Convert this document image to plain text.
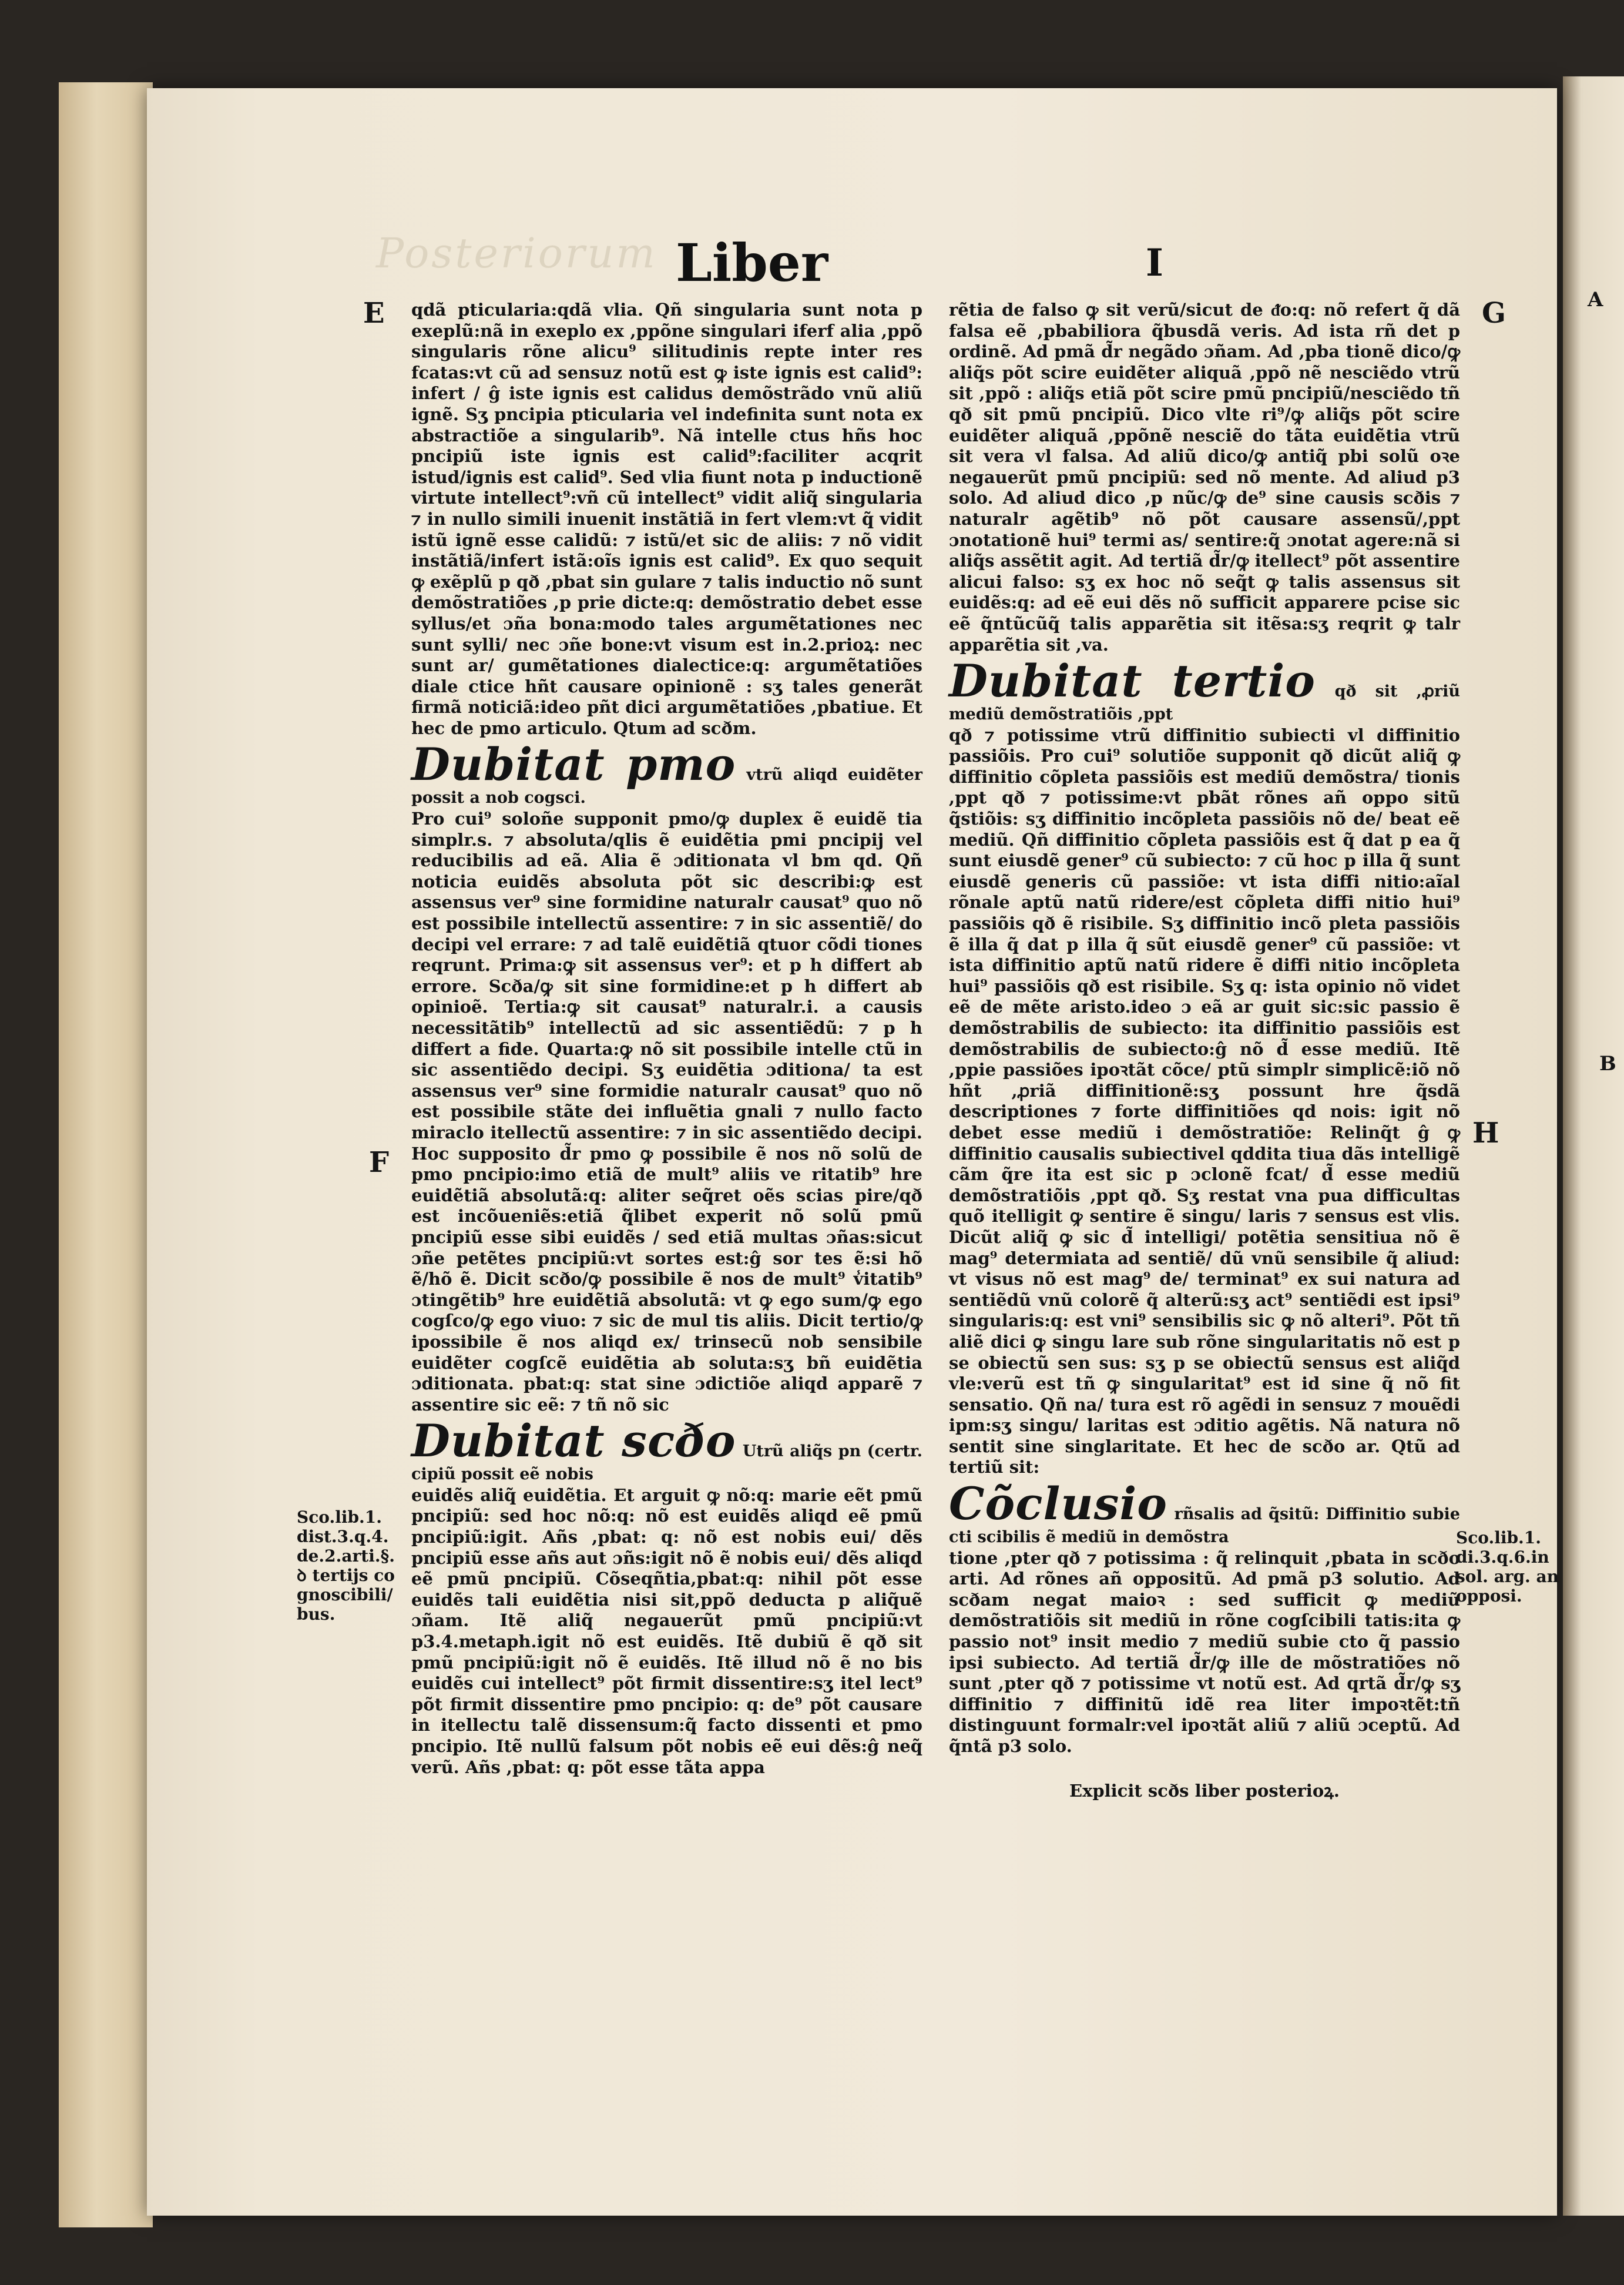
Posteriorum Liber	I
E	G	A
F
H
B
Sco.lib.1.
dist.3.q.4.
de.2.arti.§.
ꝺ tertijs co
gnoscibili/
bus.
Sco.lib.1.
di.3.q.6.in
sol. arg. an
opposi.

qdã pticularia:qdã vlia. Qñ singularia sunt nota p exeplũ:nã in exeplo ex ,ppõne singulari iferf alia ,ppõ singularis rõne alicu⁹ silitudinis repte inter res fcatas:vt cũ ad sensuz notũ est ꝙ iste ignis est calid⁹: infert / ĝ iste ignis est calidus demõstrãdo vnũ aliũ ignẽ. Sʒ pncipia pticularia vel indefinita sunt nota ex abstractiõe a singularib⁹. Nã intelle ctus hñs hoc pncipiũ iste ignis est calid⁹:faciliter acqrit istud/ignis est calid⁹. Sed vlia fiunt nota p inductionẽ virtute intellect⁹:vñ cũ intellect⁹ vidit aliq̃ singularia ⁊ in nullo simili inuenit instãtiã in fert vlem:vt q̃ vidit istũ ignẽ esse calidũ: ⁊ istũ/et sic de aliis: ⁊ nõ vidit instãtiã/infert istã:oĩs ignis est calid⁹. Ex quo sequit ꝙ exẽplũ p qð ,pbat sin gulare ⁊ talis inductio nõ sunt demõstratiões ,p prie dicte:q: demõstratio debet esse syllus/et ɔña bona:modo tales argumẽtationes nec sunt sylli/ nec ɔñe bone:vt visum est in.2.prioꝝ: nec sunt ar/ gumẽtationes dialectice:q: argumẽtatiões diale ctice hñt causare opinionẽ : sʒ tales generãt firmã noticiã:ideo pñt dici argumẽtatiões ,pbatiue. Et hec de pmo articulo. Qtum ad scðm.

Dubitat pmo vtrũ aliqd euidẽter possit a nob cogsci.

Pro cui⁹ soloñe supponit pmo/ꝙ duplex ẽ euidẽ tia simplr.s. ⁊ absoluta/qlis ẽ euidẽtia pmi pncipij vel reducibilis ad eã. Alia ẽ ɔditionata vl bm qd. Qñ noticia euidẽs absoluta põt sic describi:ꝙ est assensus ver⁹ sine formidine naturalr causat⁹ quo nõ est possibile intellectũ assentire: ⁊ in sic assentiẽ/ do decipi vel errare: ⁊ ad talẽ euidẽtiã qtuor cõdi tiones reqrunt. Prima:ꝙ sit assensus ver⁹: et p h differt ab errore. Scða/ꝙ sit sine formidine:et p h differt ab opinioẽ. Tertia:ꝙ sit causat⁹ naturalr.i. a causis necessitãtib⁹ intellectũ ad sic assentiẽdũ: ⁊ p h differt a fide. Quarta:ꝙ nõ sit possibile intelle ctũ in sic assentiẽdo decipi. Sʒ euidẽtia ɔditiona/ ta est assensus ver⁹ sine formidie naturalr causat⁹ quo nõ est possibile stãte dei influẽtia gnali ⁊ nullo facto miraclo itellectũ assentire: ⁊ in sic assentiẽdo decipi. Hoc supposito d̃r pmo ꝙ possibile ẽ nos nõ solũ de pmo pncipio:imo etiã de mult⁹ aliis ve ritatib⁹ hre euidẽtiã absolutã:q: aliter seq̃ret oẽs scias pire/qð est incõueniẽs:etiã q̃libet experit nõ solũ pmũ pncipiũ esse sibi euidẽs / sed etiã multas ɔñas:sicut ɔñe petẽtes pncipiũ:vt sortes est:ĝ sor tes ẽ:si hõ ẽ/hõ ẽ. Dicit scðo/ꝙ possibile ẽ nos de mult⁹ v̾itatib⁹ ɔtingẽtib⁹ hre euidẽtiã absolutã: vt ꝙ ego sum/ꝙ ego cogſco/ꝙ ego viuo: ⁊ sic de mul tis aliis. Dicit tertio/ꝙ ipossibile ẽ nos aliqd ex/ trinsecũ nob sensibile euidẽter cogſcẽ euidẽtia ab soluta:sʒ bñ euidẽtia ɔditionata. pbat:q: stat sine ɔdictiõe aliqd apparẽ ⁊ assentire sic eẽ: ⁊ tñ nõ sic

Dubitat scðo Utrũ aliq̃s pn (certr. cipiũ possit eẽ nobis

euidẽs aliq̃ euidẽtia. Et arguit ꝙ nõ:q: marie eẽt pmũ pncipiũ: sed hoc nõ:q: nõ est euidẽs aliqd eẽ pmũ pncipiũ:igit. Añs ,pbat: q: nõ est nobis eui/ dẽs pncipiũ esse añs aut ɔñs:igit nõ ẽ nobis eui/ dẽs aliqd eẽ pmũ pncipiũ. Cõseqñtia,pbat:q: nihil põt esse euidẽs tali euidẽtia nisi sit,ppõ deducta p aliq̃uẽ ɔñam. Itẽ aliq̃ negauerũt pmũ pncipiũ:vt p3.4.metaph.igit nõ est euidẽs. Itẽ dubiũ ẽ qð sit pmũ pncipiũ:igit nõ ẽ euidẽs. Itẽ illud nõ ẽ no bis euidẽs cui intellect⁹ põt firmit dissentire:sʒ itel lect⁹ põt firmit dissentire pmo pncipio: q: de⁹ põt causare in itellectu talẽ dissensum:q̃ facto dissenti et pmo pncipio. Itẽ nullũ falsum põt nobis eẽ eui dẽs:ĝ neq̃ verũ. Añs ,pbat: q: põt esse tãta appa

rẽtia de falso ꝙ sit verũ/sicut de ᵭo:q: nõ refert q̃ dã falsa eẽ ,pbabiliora q̃busdã veris. Ad ista rñ det p ordinẽ. Ad pmã d̃r negãdo ɔñam. Ad ,pba tionẽ dico/ꝙ aliq̃s põt scire euidẽter aliquã ,ppõ nẽ nesciẽdo vtrũ sit ,ppõ : aliq̃s etiã põt scire pmũ pncipiũ/nesciẽdo tñ qð sit pmũ pncipiũ. Dico vlte ri⁹/ꝙ aliq̃s põt scire euidẽter aliquã ,ppõnẽ nesciẽ do tãta euidẽtia vtrũ sit vera vl falsa. Ad aliũ dico/ꝙ antiq̃ pbi solũ oꝛe negauerũt pmũ pncipiũ: sed nõ mente. Ad aliud p3 solo. Ad aliud dico ,p nũc/ꝙ de⁹ sine causis scðis ⁊ naturalr agẽtib⁹ nõ põt causare assensũ/,ppt ɔnotationẽ hui⁹ termi as/ sentire:q̃ ɔnotat agere:nã si aliq̃s assẽtit agit. Ad tertiã d̃r/ꝙ itellect⁹ põt assentire alicui falso: sʒ ex hoc nõ seq̃t ꝙ talis assensus sit euidẽs:q: ad eẽ eui dẽs nõ sufficit apparere pcise sic eẽ q̃ntũcũq̃ talis apparẽtia sit itẽsa:sʒ reqrit ꝙ talr apparẽtia sit ,va.

Dubitat tertio qð sit ,ꝓriũ mediũ demõstratiõis ,ppt

qð ⁊ potissime vtrũ diffinitio subiecti vl diffinitio passiõis. Pro cui⁹ solutiõe supponit qð dicũt aliq̃ ꝙ diffinitio cõpleta passiõis est mediũ demõstra/ tionis ,ppt qð ⁊ potissime:vt pbãt rõnes añ oppo sitũ q̃stiõis: sʒ diffinitio incõpleta passiõis nõ de/ beat eẽ mediũ. Qñ diffinitio cõpleta passiõis est q̃ dat p ea q̃ sunt eiusdẽ gener⁹ cũ subiecto: ⁊ cũ hoc p illa q̃ sunt eiusdẽ generis cũ passiõe: vt ista diffi nitio:aĩal rõnale aptũ natũ ridere/est cõpleta diffi nitio hui⁹ passiõis qð ẽ risibile. Sʒ diffinitio incõ pleta passiõis ẽ illa q̃ dat p illa q̃ sũt eiusdẽ gener⁹ cũ passiõe: vt ista diffinitio aptũ natũ ridere ẽ diffi nitio incõpleta hui⁹ passiõis qð est risibile. Sʒ q: ista opinio nõ videt eẽ de mẽte aristo.ideo ɔ eã ar guit sic:sic passio ẽ demõstrabilis de subiecto: ita diffinitio passiõis est demõstrabilis de subiecto:ĝ nõ d̃ esse mediũ. Itẽ ,ppie passiões ipoꝛtãt cõce/ ptũ simplr simplicẽ:iõ nõ hñt ,ꝓriã diffinitionẽ:sʒ possunt hre q̃sdã descriptiones ⁊ forte diffinitiões qd nois: igit nõ debet esse mediũ i demõstratiõe: Relinq̃t ĝ ꝙ diffinitio causalis subiectivel qddita tiua dãs intelligẽ cãm q̃re ita est sic p ɔclonẽ fcat/ d̃ esse mediũ demõstratiõis ,ppt qð. Sʒ restat vna pua difficultas quõ itelligit ꝙ sentire ẽ singu/ laris ⁊ sensus est vlis. Dicũt aliq̃ ꝙ sic d̃ intelligi/ potẽtia sensitiua nõ ẽ mag⁹ determiata ad sentiẽ/ dũ vnũ sensibile q̃ aliud: vt visus nõ est mag⁹ de/ terminat⁹ ex sui natura ad sentiẽdũ vnũ colorẽ q̃ alterũ:sʒ act⁹ sentiẽdi est ipsi⁹ singularis:q: est vni⁹ sensibilis sic ꝙ nõ alteri⁹. Põt tñ aliẽ dici ꝙ singu lare sub rõne singularitatis nõ est p se obiectũ sen sus: sʒ p se obiectũ sensus est aliq̃d vle:verũ est tñ ꝙ singularitat⁹ est id sine q̃ nõ fit sensatio. Qñ na/ tura est rõ agẽdi in sensuz ⁊ mouẽdi ipm:sʒ singu/ laritas est ɔditio agẽtis. Nã natura nõ sentit sine singlaritate. Et hec de scðo ar. Qtũ ad tertiũ sit:

Cõclusio rñsalis ad q̃sitũ: Diffinitio subie cti scibilis ẽ mediũ in demõstra

tione ,pter qð ⁊ potissima : q̃ relinquit ,pbata in scðo arti. Ad rõnes añ oppositũ. Ad pmã p3 solutio. Ad scðam negat maioꝛ : sed sufficit ꝙ mediũ demõstratiõis sit mediũ in rõne cogſcibili tatis:ita ꝙ passio not⁹ insit medio ⁊ mediũ subie cto q̃ passio ipsi subiecto. Ad tertiã d̃r/ꝙ ille de mõstratiões nõ sunt ,pter qð ⁊ potissime vt notũ est. Ad qrtã d̃r/ꝙ sʒ diffinitio ⁊ diffinitũ idẽ rea liter impoꝛtẽt:tñ distinguunt formalr:vel ipoꝛtãt aliũ ⁊ aliũ ɔceptũ. Ad q̃ntã p3 solo.

Explicit scðs liber posterioꝝ.
